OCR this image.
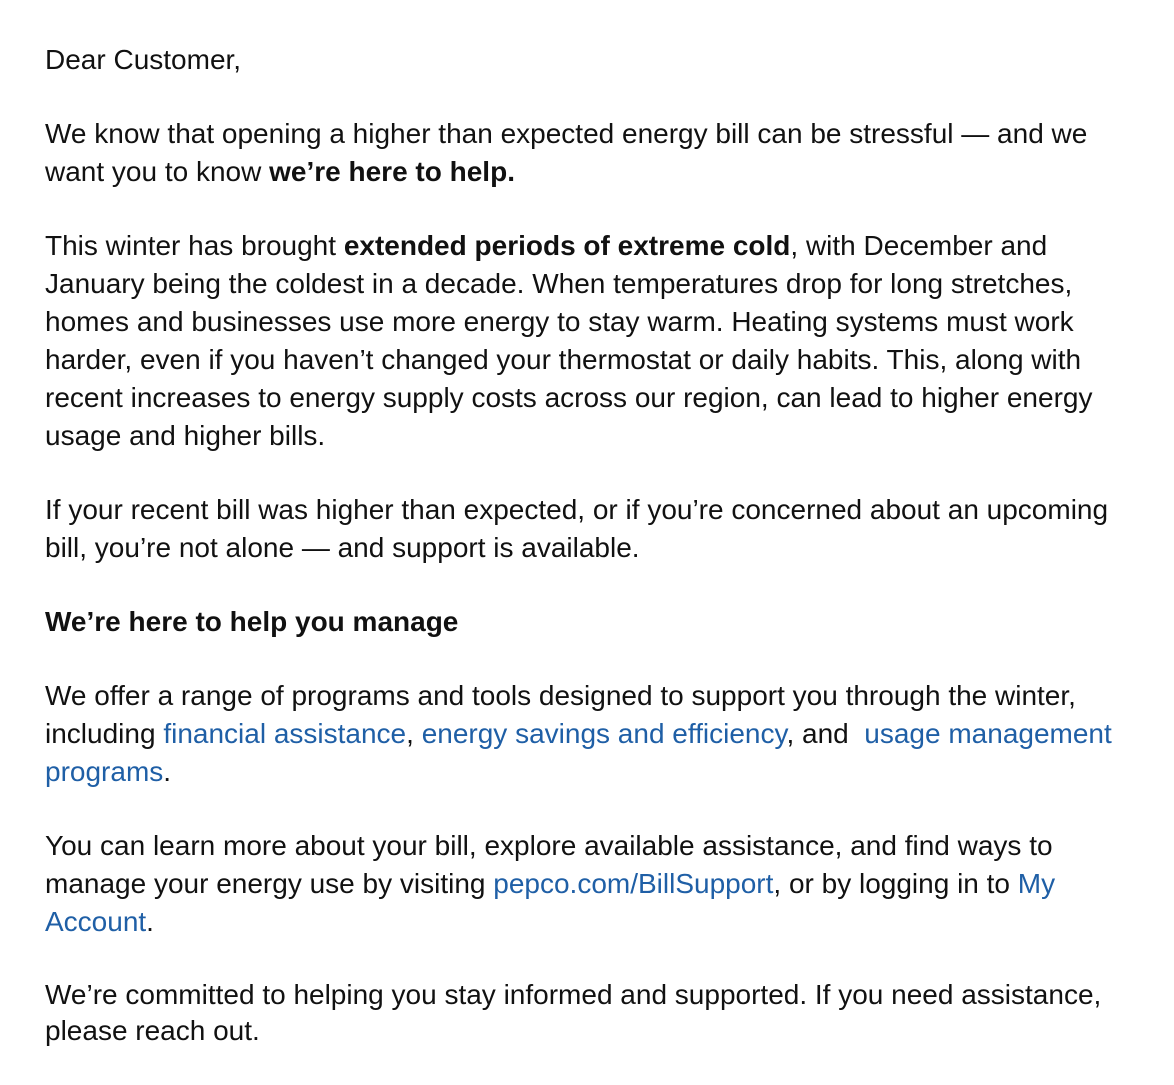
Dear Customer,

We know that opening a higher than expected energy bill can be stressful — and we want you to know we’re here to help.

This winter has brought extended periods of extreme cold, with December and January being the coldest in a decade. When temperatures drop for long stretches, homes and businesses use more energy to stay warm. Heating systems must work harder, even if you haven’t changed your thermostat or daily habits. This, along with recent increases to energy supply costs across our region, can lead to higher energy usage and higher bills.

If your recent bill was higher than expected, or if you’re concerned about an upcoming bill, you’re not alone — and support is available.

We’re here to help you manage

We offer a range of programs and tools designed to support you through the winter, including financial assistance, energy savings and efficiency, and  usage management programs.

You can learn more about your bill, explore available assistance, and find ways to manage your energy use by visiting pepco.com/BillSupport, or by logging in to My Account.

We’re committed to helping you stay informed and supported. If you need assistance, please reach out.
